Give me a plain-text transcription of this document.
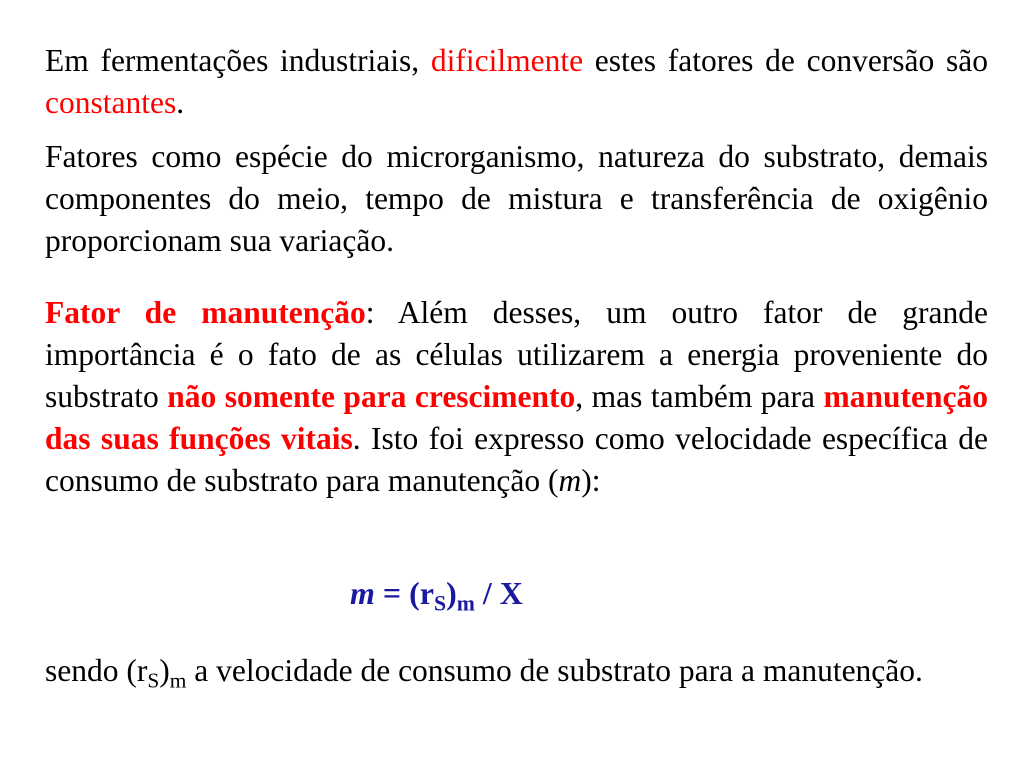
Em fermentações industriais, dificilmente estes fatores de conversão são constantes.

Fatores como espécie do microrganismo, natureza do substrato, demais componentes do meio, tempo de mistura e transferência de oxigênio proporcionam sua variação.

Fator de manutenção: Além desses, um outro fator de grande importância é o fato de as células utilizarem a energia proveniente do substrato não somente para crescimento, mas também para manutenção das suas funções vitais. Isto foi expresso como velocidade específica de consumo de substrato para manutenção (m):

$m = (r_S)_m / X$

sendo $(r_S)_m$ a velocidade de consumo de substrato para a manutenção.
